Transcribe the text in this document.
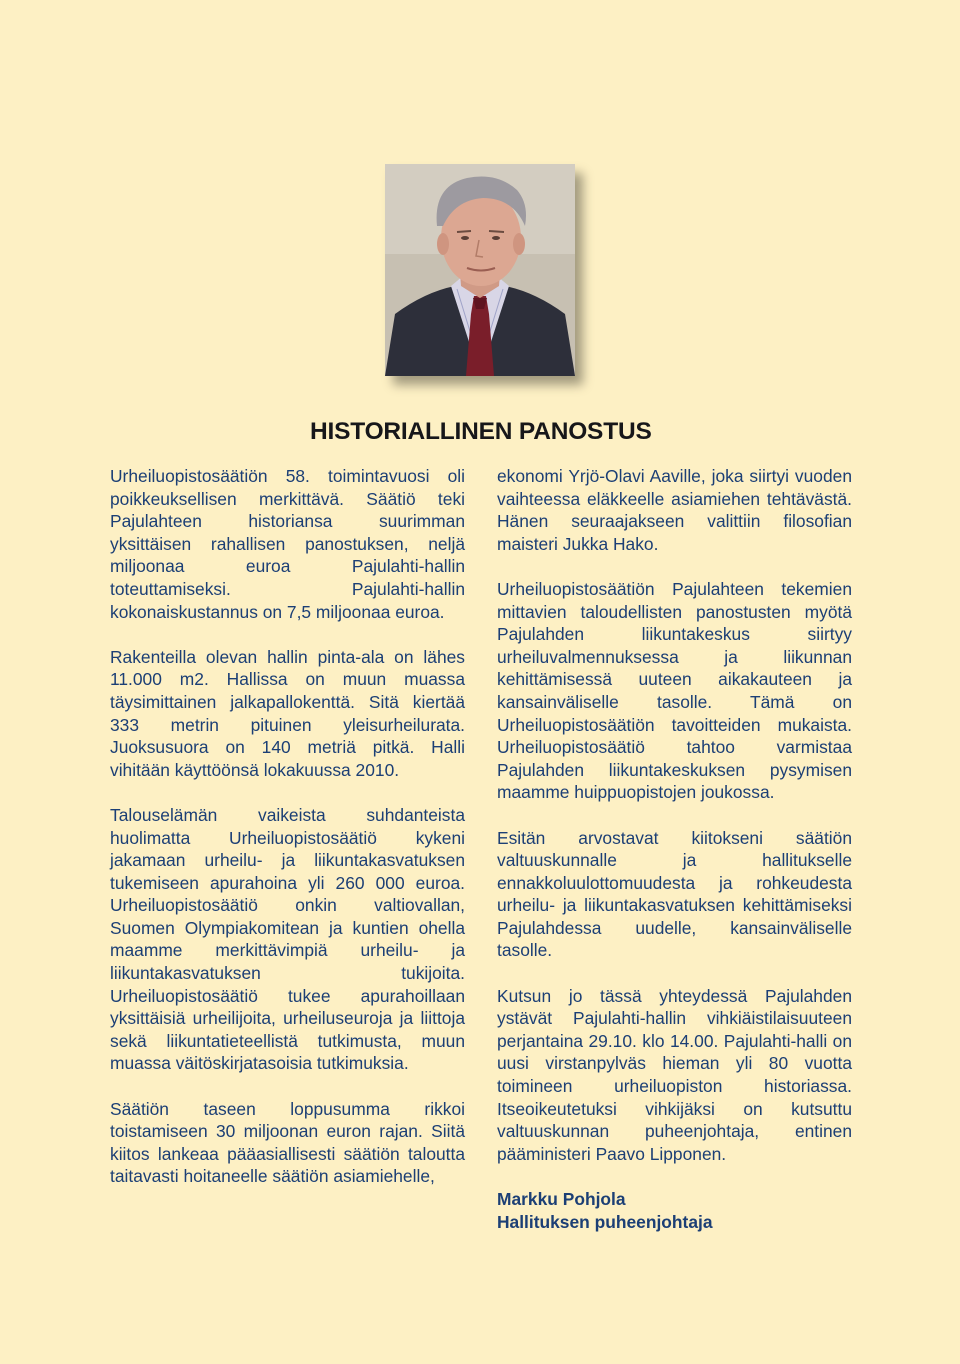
HISTORIALLINEN PANOSTUS

Urheiluopistosäätiön 58. toimintavuosi oli poikkeuksellisen merkittävä. Säätiö teki Pajulahteen historiansa suurimman yksittäisen rahallisen panostuksen, neljä miljoonaa euroa Pajulahti-hallin toteuttamiseksi. Pajulahti-hallin kokonaiskustannus on 7,5 miljoonaa euroa.

Rakenteilla olevan hallin pinta-ala on lähes 11.000 m2. Hallissa on muun muassa täysimittainen jalkapallokenttä. Sitä kiertää 333 metrin pituinen yleisurheilurata. Juoksusuora on 140 metriä pitkä. Halli vihitään käyttöönsä lokakuussa 2010.

Talouselämän vaikeista suhdanteista huolimatta Urheiluopistosäätiö kykeni jakamaan urheilu- ja liikuntakasvatuksen tukemiseen apurahoina yli 260 000 euroa. Urheiluopistosäätiö onkin valtiovallan, Suomen Olympiakomitean ja kuntien ohella maamme merkittävimpiä urheilu- ja liikuntakasvatuksen tukijoita. Urheiluopistosäätiö tukee apurahoillaan yksittäisiä urheilijoita, urheiluseuroja ja liittoja sekä liikuntatieteellistä tutkimusta, muun muassa väitöskirjatasoisia tutkimuksia.

Säätiön taseen loppusumma rikkoi toistamiseen 30 miljoonan euron rajan. Siitä kiitos lankeaa pääasiallisesti säätiön taloutta taitavasti hoitaneelle säätiön asiamiehelle,

ekonomi Yrjö-Olavi Aaville, joka siirtyi vuoden vaihteessa eläkkeelle asiamiehen tehtävästä. Hänen seuraajakseen valittiin filosofian maisteri Jukka Hako.

Urheiluopistosäätiön Pajulahteen tekemien mittavien taloudellisten panostusten myötä Pajulahden liikuntakeskus siirtyy urheiluvalmennuksessa ja liikunnan kehittämisessä uuteen aikakauteen ja kansainväliselle tasolle. Tämä on Urheiluopistosäätiön tavoitteiden mukaista. Urheiluopistosäätiö tahtoo varmistaa Pajulahden liikuntakeskuksen pysymisen maamme huippuopistojen joukossa.

Esitän arvostavat kiitokseni säätiön valtuuskunnalle ja hallitukselle ennakkoluulottomuudesta ja rohkeudesta urheilu- ja liikuntakasvatuksen kehittämiseksi Pajulahdessa uudelle, kansainväliselle tasolle.

Kutsun jo tässä yhteydessä Pajulahden ystävät Pajulahti-hallin vihkiäistilaisuuteen perjantaina 29.10. klo 14.00. Pajulahti-halli on uusi virstanpylväs hieman yli 80 vuotta toimineen urheiluopiston historiassa. Itseoikeutetuksi vihkijäksi on kutsuttu valtuuskunnan puheenjohtaja, entinen pääministeri Paavo Lipponen.

Markku Pohjola
Hallituksen puheenjohtaja
